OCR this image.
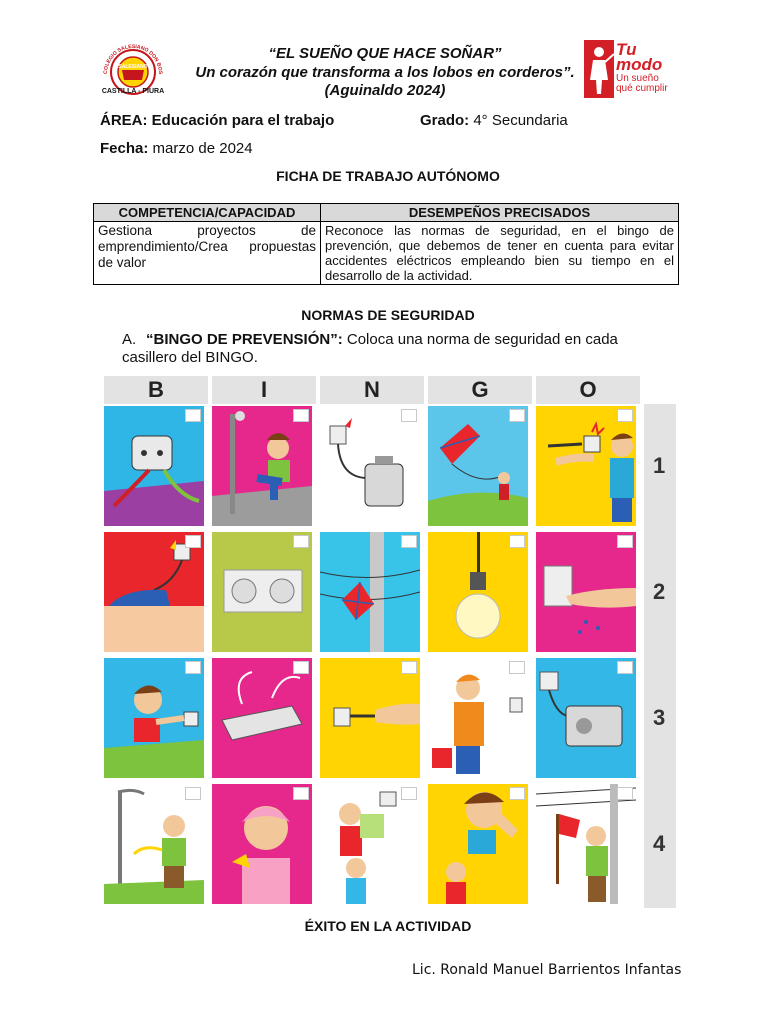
COLEGIO SALESIANO DON BOS
SALESIANO
CASTILLA - PIURA
Tu modo
Un sueño qué cumplir
“EL SUEÑO QUE HACE SOÑAR”
Un corazón que transforma a los lobos en corderos”.
(Aguinaldo 2024)
ÁREA: Educación para el trabajo	Grado: 4° Secundaria
Fecha: marzo de 2024
FICHA DE TRABAJO AUTÓNOMO
COMPETENCIA/CAPACIDAD	DESEMPEÑOS PRECISADOS
Gestiona proyectos de emprendimiento/Crea propuestas de valor	Reconoce las normas de seguridad, en el bingo de prevención, que debemos de tener en cuenta para evitar accidentes eléctricos empleando bien su tiempo en el desarrollo de la actividad.
NORMAS DE SEGURIDAD
A. “BINGO DE PREVENSIÓN”: Coloca una norma de seguridad en cada casillero del BINGO.
B	I	N	G	O
1
2
3
4
ÉXITO EN LA ACTIVIDAD
Lic. Ronald Manuel Barrientos Infantas
